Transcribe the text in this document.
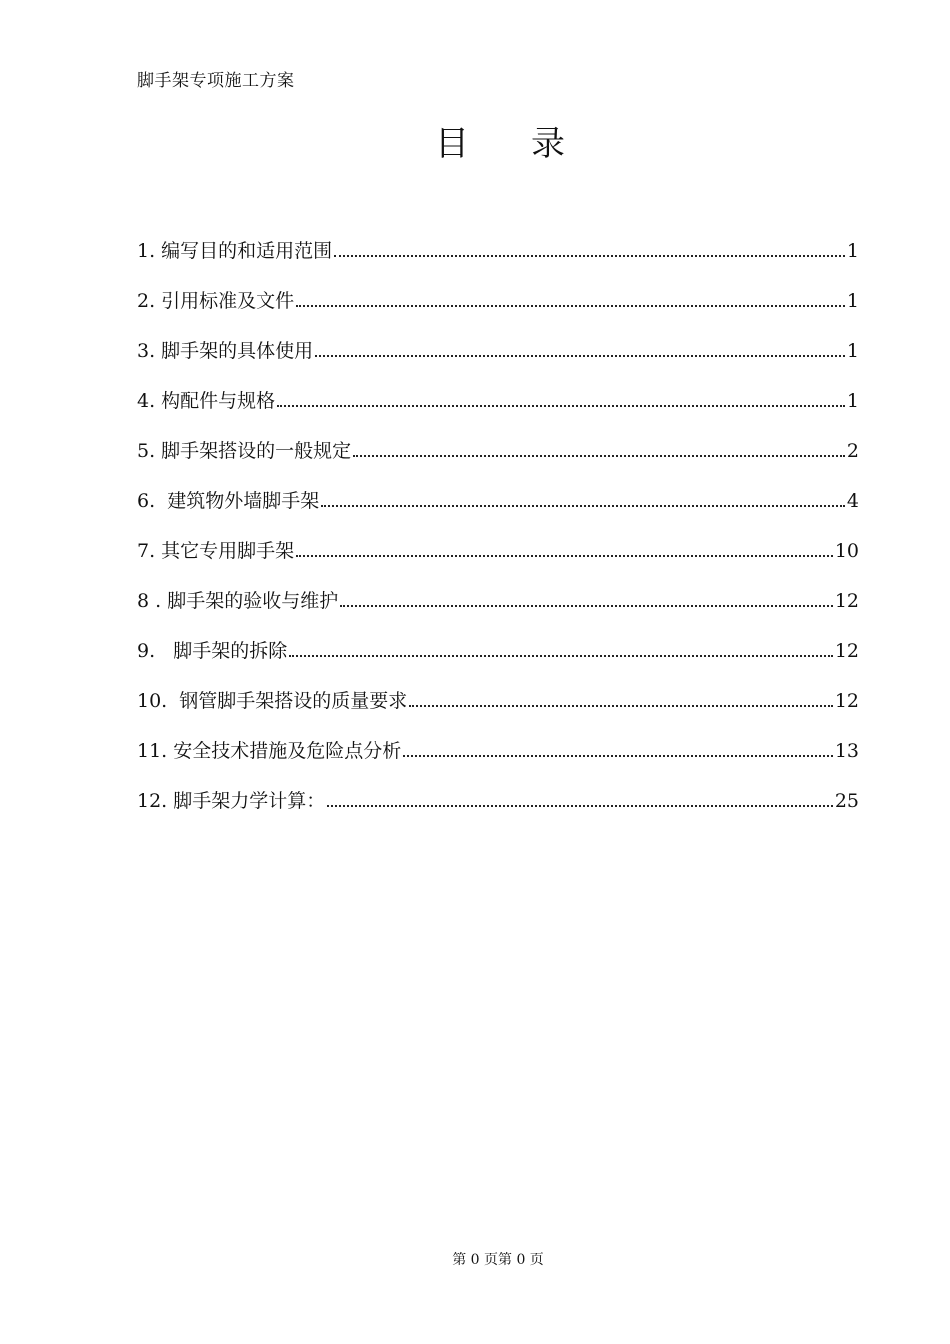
脚手架专项施工方案
目 录
1. 编写目的和适用范围	1
2. 引用标准及文件	1
3. 脚手架的具体使用	1
4. 构配件与规格	1
5. 脚手架搭设的一般规定	2
6.  建筑物外墙脚手架	4
7. 其它专用脚手架	10
8 . 脚手架的验收与维护	12
9.   脚手架的拆除	12
10.  钢管脚手架搭设的质量要求	12
11. 安全技术措施及危险点分析	13
12. 脚手架力学计算：	25
第 0 页第 0 页
